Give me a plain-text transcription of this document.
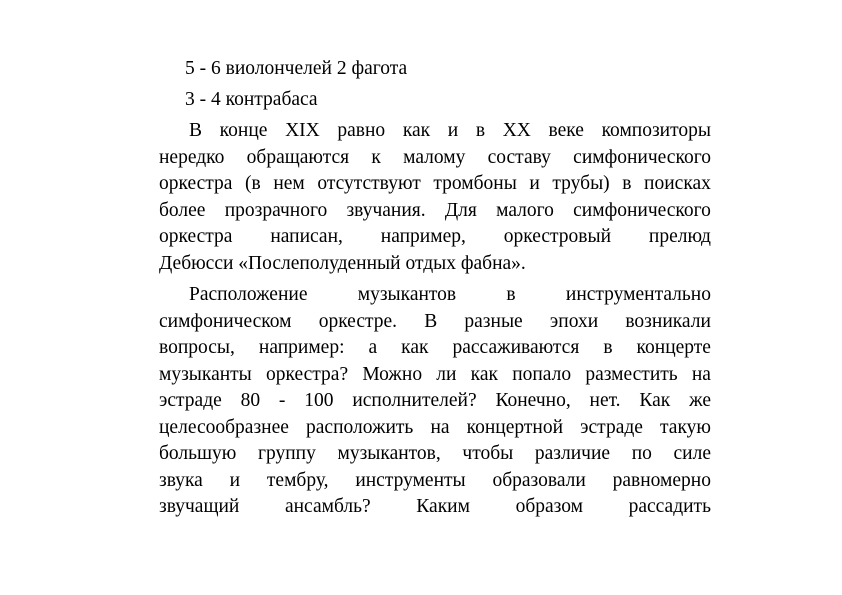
5 - 6 виолончелей 2 фагота

3 - 4 контрабаса

В конце XIX равно как и в XX веке композиторы
нередко обращаются к малому составу симфонического
оркестра (в нем отсутствуют тромбоны и трубы) в поисках
более прозрачного звучания. Для малого симфонического
оркестра написан, например, оркестровый прелюд

Дебюсси «Послеполуденный отдых фабна».

Расположение	музыкантов	в	инструментально
симфоническом оркестре. В разные эпохи возникали
вопросы, например: а как рассаживаются в концерте
музыканты оркестра? Можно ли как попало разместить на
эстраде 80 - 100 исполнителей? Конечно, нет. Как же
целесообразнее расположить на концертной эстраде такую
большую группу музыкантов, чтобы различие по силе
звука и тембру, инструменты образовали равномерно
звучащий ансамбль? Каким образом рассадить
